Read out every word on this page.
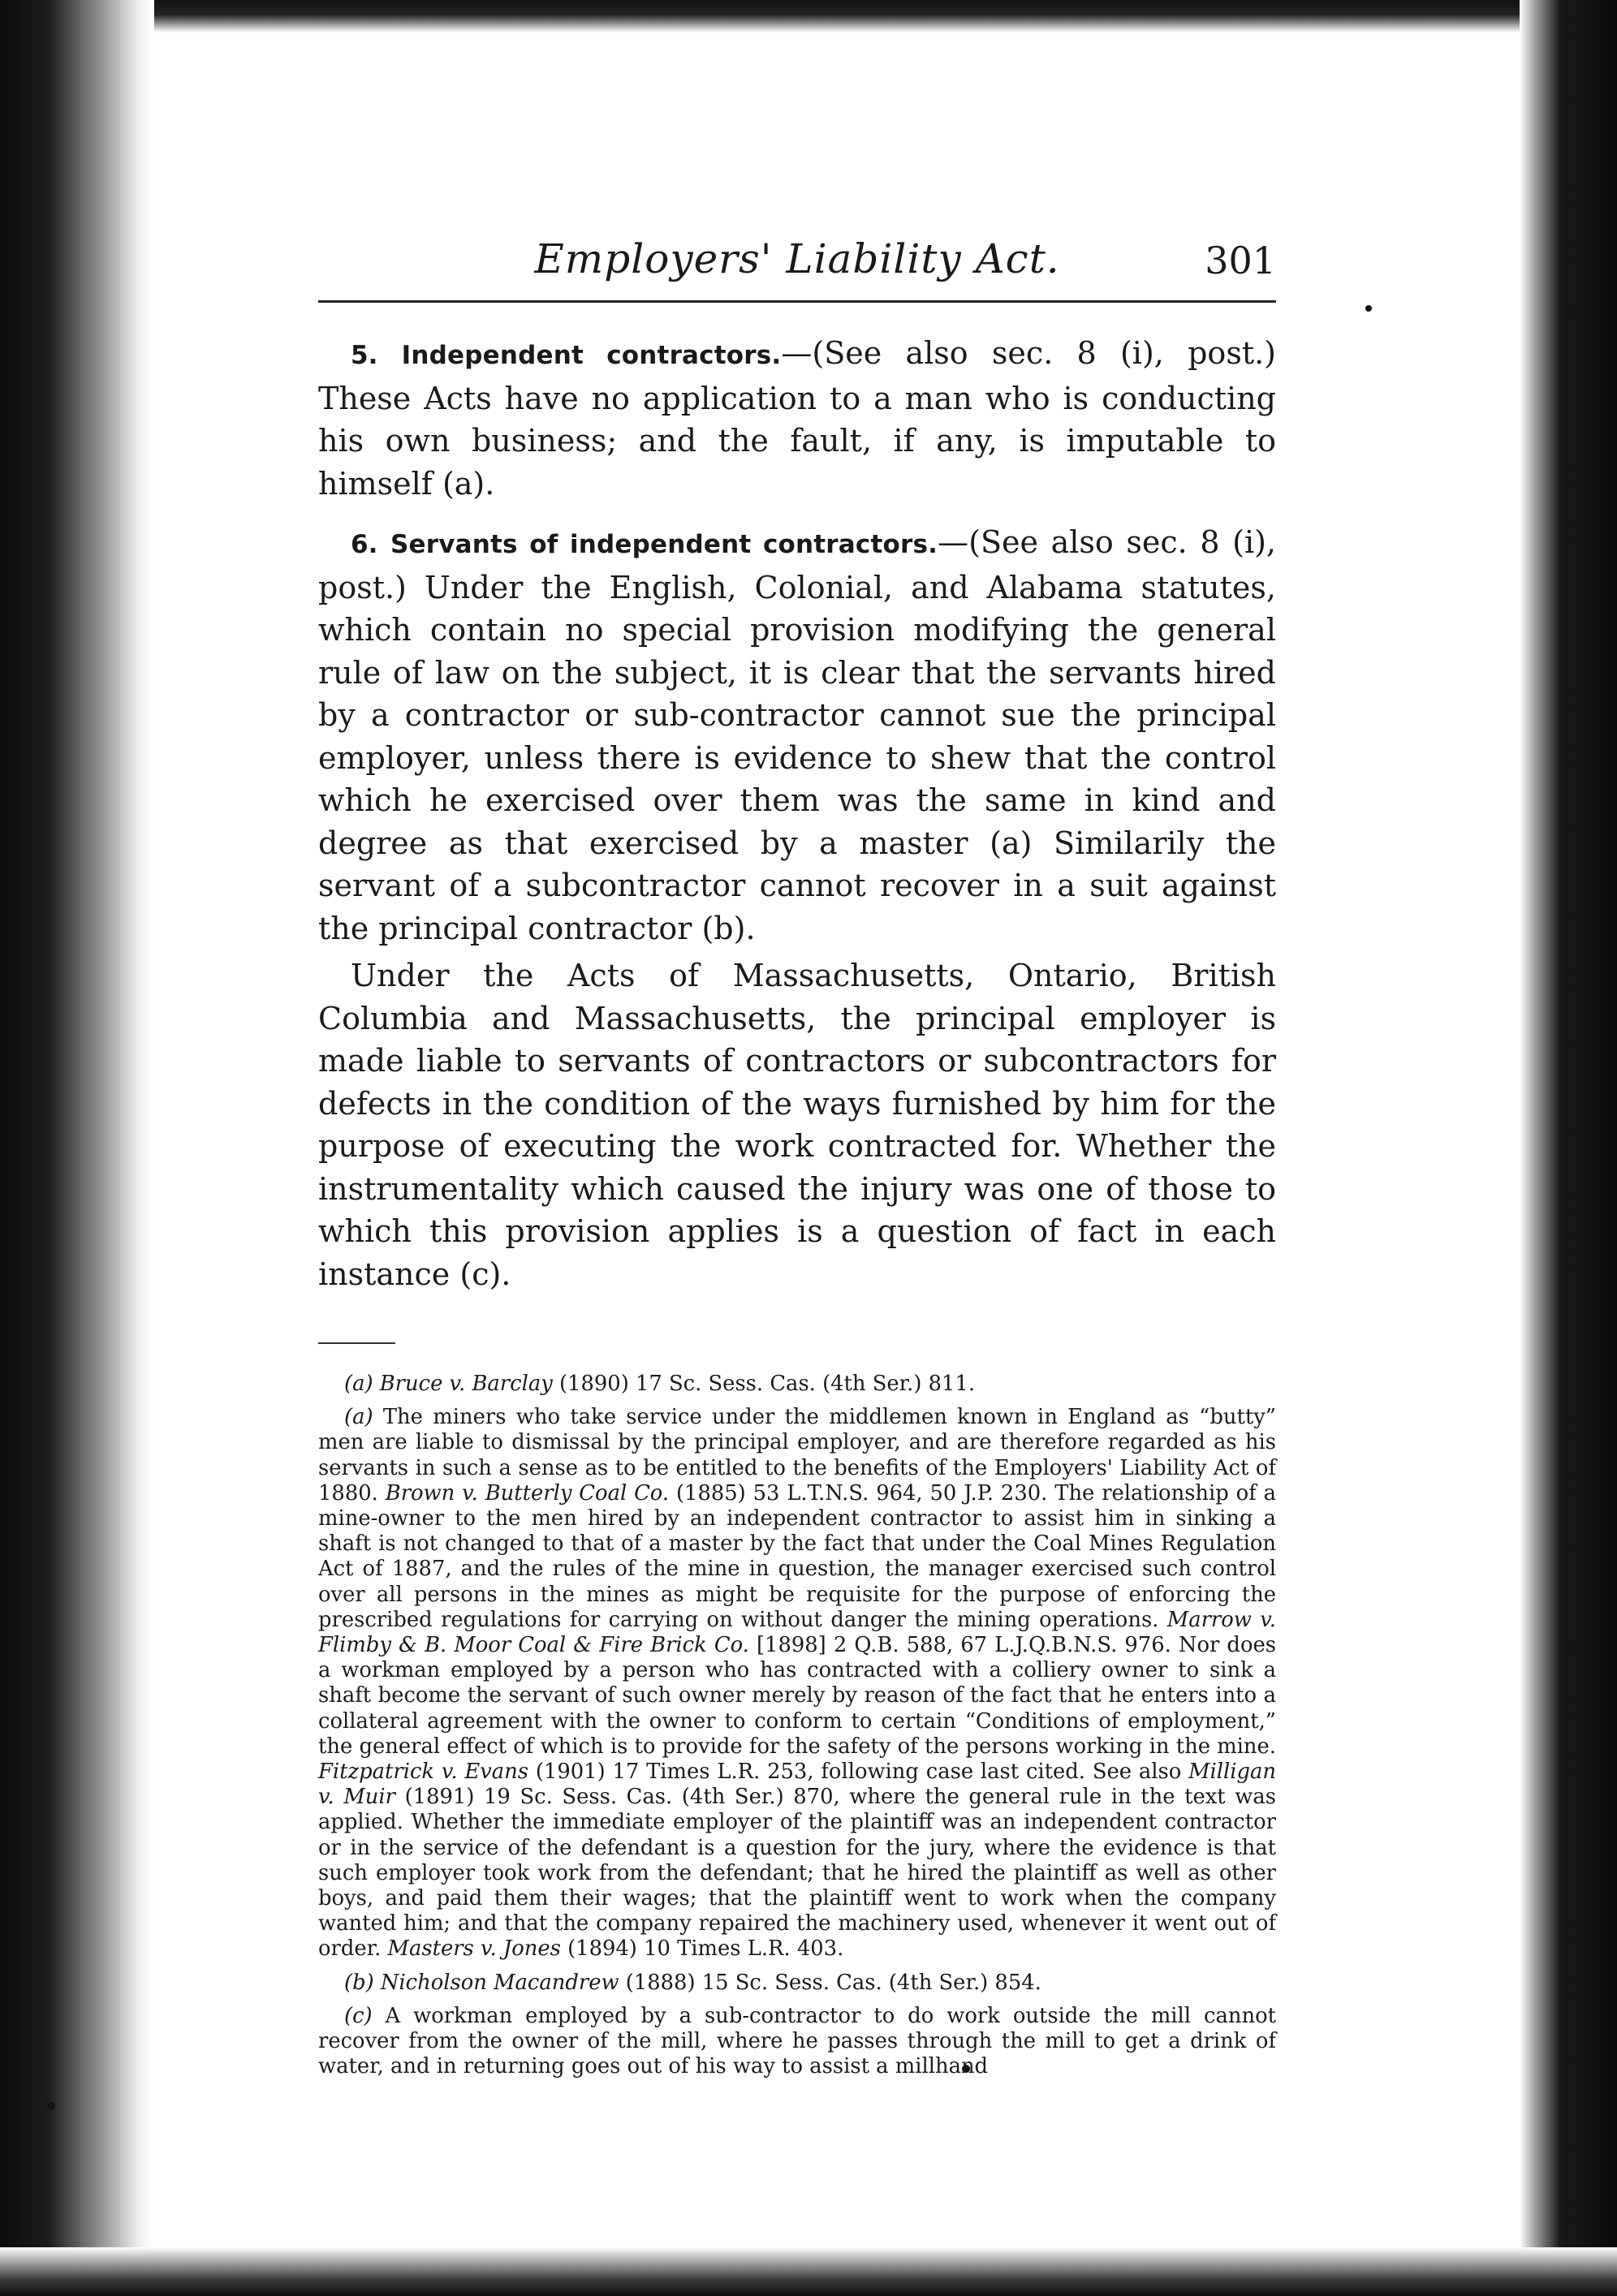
Employers' Liability Act.	301

5. Independent contractors.—(See also sec. 8 (i), post.) These Acts have no application to a man who is conducting his own business; and the fault, if any, is imputable to himself (a).

6. Servants of independent contractors.—(See also sec. 8 (i), post.) Under the English, Colonial, and Alabama statutes, which contain no special provision modifying the general rule of law on the subject, it is clear that the servants hired by a contractor or sub-contractor cannot sue the principal employer, unless there is evidence to shew that the control which he exercised over them was the same in kind and degree as that exercised by a master (a) Similarily the servant of a subcontractor cannot recover in a suit against the principal contractor (b).

Under the Acts of Massachusetts, Ontario, British Columbia and Massachusetts, the principal employer is made liable to servants of contractors or subcontractors for defects in the condition of the ways furnished by him for the purpose of executing the work contracted for. Whether the instrumentality which caused the injury was one of those to which this provision applies is a question of fact in each instance (c).

(a) Bruce v. Barclay (1890) 17 Sc. Sess. Cas. (4th Ser.) 811.

(a) The miners who take service under the middlemen known in England as “butty” men are liable to dismissal by the principal employer, and are therefore regarded as his servants in such a sense as to be entitled to the benefits of the Employers' Liability Act of 1880. Brown v. Butterly Coal Co. (1885) 53 L.T.N.S. 964, 50 J.P. 230. The relationship of a mine-owner to the men hired by an independent contractor to assist him in sinking a shaft is not changed to that of a master by the fact that under the Coal Mines Regulation Act of 1887, and the rules of the mine in question, the manager exercised such control over all persons in the mines as might be requisite for the purpose of enforcing the prescribed regulations for carrying on without danger the mining operations. Marrow v. Flimby & B. Moor Coal & Fire Brick Co. [1898] 2 Q.B. 588, 67 L.J.Q.B.N.S. 976. Nor does a workman employed by a person who has contracted with a colliery owner to sink a shaft become the servant of such owner merely by reason of the fact that he enters into a collateral agreement with the owner to conform to certain “Conditions of employment,” the general effect of which is to provide for the safety of the persons working in the mine. Fitzpatrick v. Evans (1901) 17 Times L.R. 253, following case last cited. See also Milligan v. Muir (1891) 19 Sc. Sess. Cas. (4th Ser.) 870, where the general rule in the text was applied. Whether the immediate employer of the plaintiff was an independent contractor or in the service of the defendant is a question for the jury, where the evidence is that such employer took work from the defendant; that he hired the plaintiff as well as other boys, and paid them their wages; that the plaintiff went to work when the company wanted him; and that the company repaired the machinery used, whenever it went out of order. Masters v. Jones (1894) 10 Times L.R. 403.

(b) Nicholson Macandrew (1888) 15 Sc. Sess. Cas. (4th Ser.) 854.

(c) A workman employed by a sub-contractor to do work outside the mill cannot recover from the owner of the mill, where he passes through the mill to get a drink of water, and in returning goes out of his way to assist a millhand
